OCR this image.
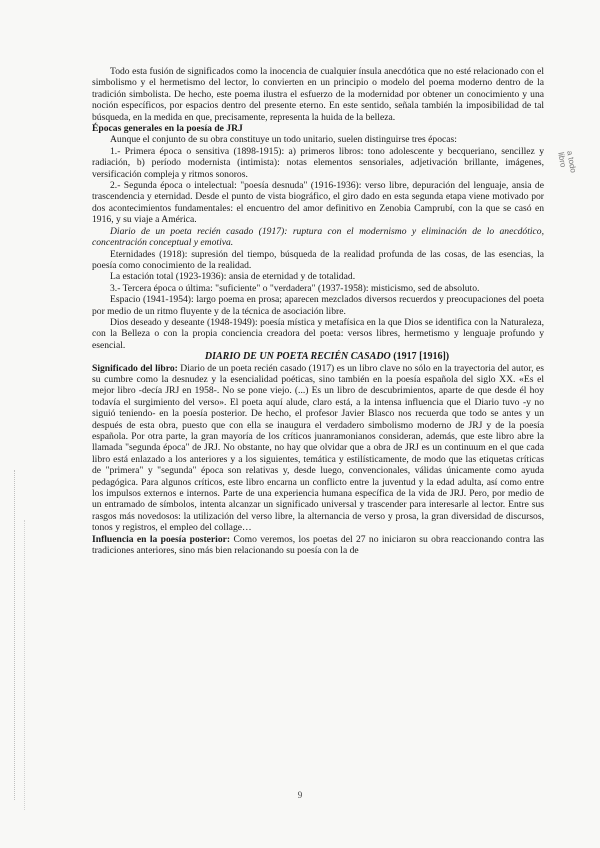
a todo libro

Todo esta fusión de significados como la inocencia de cualquier ínsula anecdótica que no esté relacionado con el simbolismo y el hermetismo del lector, lo convierten en un principio o modelo del poema moderno dentro de la tradición simbolista. De hecho, este poema ilustra el esfuerzo de la modernidad por obtener un conocimiento y una noción específicos, por espacios dentro del presente eterno. En este sentido, señala también la imposibilidad de tal búsqueda, en la medida en que, precisamente, representa la huida de la belleza.

Épocas generales en la poesía de JRJ

Aunque el conjunto de su obra constituye un todo unitario, suelen distinguirse tres épocas:

1.- Primera época o sensitiva (1898-1915): a) primeros libros: tono adolescente y becqueriano, sencillez y radiación, b) período modernista (intimista): notas elementos sensoriales, adjetivación brillante, imágenes, versificación compleja y ritmos sonoros.

2.- Segunda época o intelectual: "poesía desnuda" (1916-1936): verso libre, depuración del lenguaje, ansia de trascendencia y eternidad. Desde el punto de vista biográfico, el giro dado en esta segunda etapa viene motivado por dos acontecimientos fundamentales: el encuentro del amor definitivo en Zenobia Camprubí, con la que se casó en 1916, y su viaje a América.

Diario de un poeta recién casado (1917): ruptura con el modernismo y eliminación de lo anecdótico, concentración conceptual y emotiva.

Eternidades (1918): supresión del tiempo, búsqueda de la realidad profunda de las cosas, de las esencias, la poesía como conocimiento de la realidad.

La estación total (1923-1936): ansia de eternidad y de totalidad.

3.- Tercera época o última: "suficiente" o "verdadera" (1937-1958): misticismo, sed de absoluto.

Espacio (1941-1954): largo poema en prosa; aparecen mezclados diversos recuerdos y preocupaciones del poeta por medio de un ritmo fluyente y de la técnica de asociación libre.

Dios deseado y deseante (1948-1949): poesía mística y metafísica en la que Dios se identifica con la Naturaleza, con la Belleza o con la propia conciencia creadora del poeta: versos libres, hermetismo y lenguaje profundo y esencial.

DIARIO DE UN POETA RECIÉN CASADO (1917 [1916])

Significado del libro: Diario de un poeta recién casado (1917) es un libro clave no sólo en la trayectoria del autor, es su cumbre como la desnudez y la esencialidad poéticas, sino también en la poesía española del siglo XX. «Es el mejor libro -decía JRJ en 1958-. No se pone viejo. (...) Es un libro de descubrimientos, aparte de que desde él hoy todavía el surgimiento del verso». El poeta aquí alude, claro está, a la intensa influencia que el Diario tuvo -y no siguió teniendo- en la poesía posterior. De hecho, el profesor Javier Blasco nos recuerda que todo se antes y un después de esta obra, puesto que con ella se inaugura el verdadero simbolismo moderno de JRJ y de la poesía española. Por otra parte, la gran mayoría de los críticos juanramonianos consideran, además, que este libro abre la llamada "segunda época" de JRJ. No obstante, no hay que olvidar que a obra de JRJ es un continuum en el que cada libro está enlazado a los anteriores y a los siguientes, temática y estilísticamente, de modo que las etiquetas críticas de "primera" y "segunda" época son relativas y, desde luego, convencionales, válidas únicamente como ayuda pedagógica. Para algunos críticos, este libro encarna un conflicto entre la juventud y la edad adulta, así como entre los impulsos externos e internos. Parte de una experiencia humana específica de la vida de JRJ. Pero, por medio de un entramado de símbolos, intenta alcanzar un significado universal y trascender para interesarle al lector. Entre sus rasgos más novedosos: la utilización del verso libre, la alternancia de verso y prosa, la gran diversidad de discursos, tonos y registros, el empleo del collage…

Influencia en la poesía posterior: Como veremos, los poetas del 27 no iniciaron su obra reaccionando contra las tradiciones anteriores, sino más bien relacionando su poesía con la de

9
